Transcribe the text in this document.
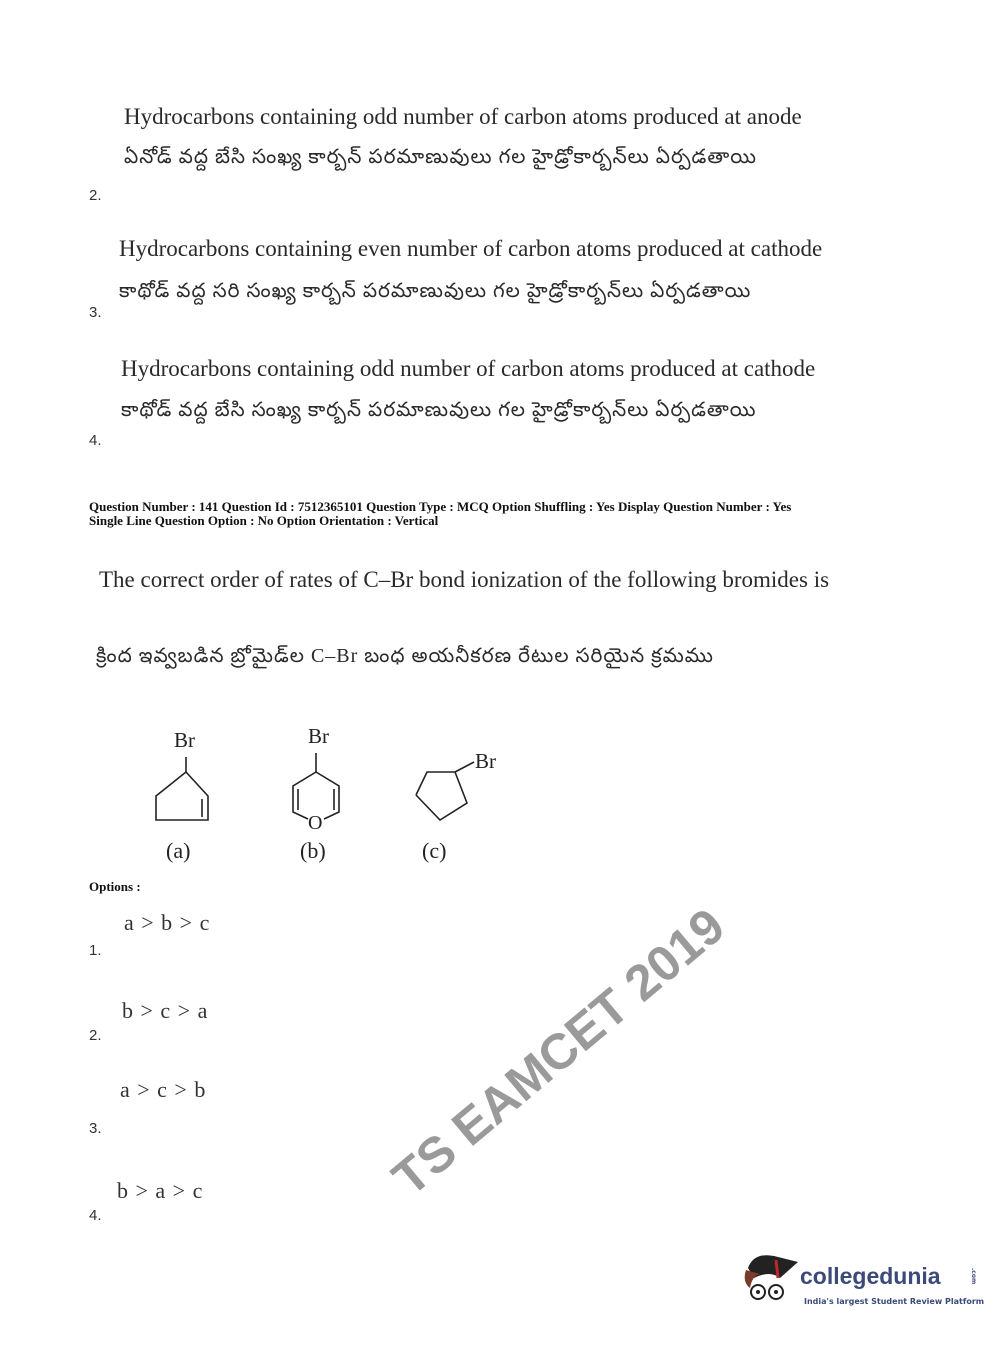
Hydrocarbons containing odd number of carbon atoms produced at anode
ఏనోడ్ వద్ద బేసి సంఖ్య కార్బన్ పరమాణువులు గల హైడ్రోకార్బన్‌లు ఏర్పడతాయి
2.
Hydrocarbons containing even number of carbon atoms produced at cathode
కాథోడ్ వద్ద సరి సంఖ్య కార్బన్ పరమాణువులు గల హైడ్రోకార్బన్‌లు ఏర్పడతాయి
3.
Hydrocarbons containing odd number of carbon atoms produced at cathode
కాథోడ్ వద్ద బేసి సంఖ్య కార్బన్ పరమాణువులు గల హైడ్రోకార్బన్‌లు ఏర్పడతాయి
4.
Question Number : 141 Question Id : 7512365101 Question Type : MCQ Option Shuffling : Yes Display Question Number : Yes
Single Line Question Option : No Option Orientation : Vertical
The correct order of rates of C–Br bond ionization of the following bromides is
క్రింద ఇవ్వబడిన బ్రోమైడ్‌ల C–Br బంధ అయనీకరణ రేటుల సరియైన క్రమము
Br
(a)
Br
O
(b)
Br
(c)
Options :
a > b > c
1.
b > c > a
2.
a > c > b
3.
b > a > c
4.
TS EAMCET 2019
collegedunia	.com
India's largest Student Review Platform
